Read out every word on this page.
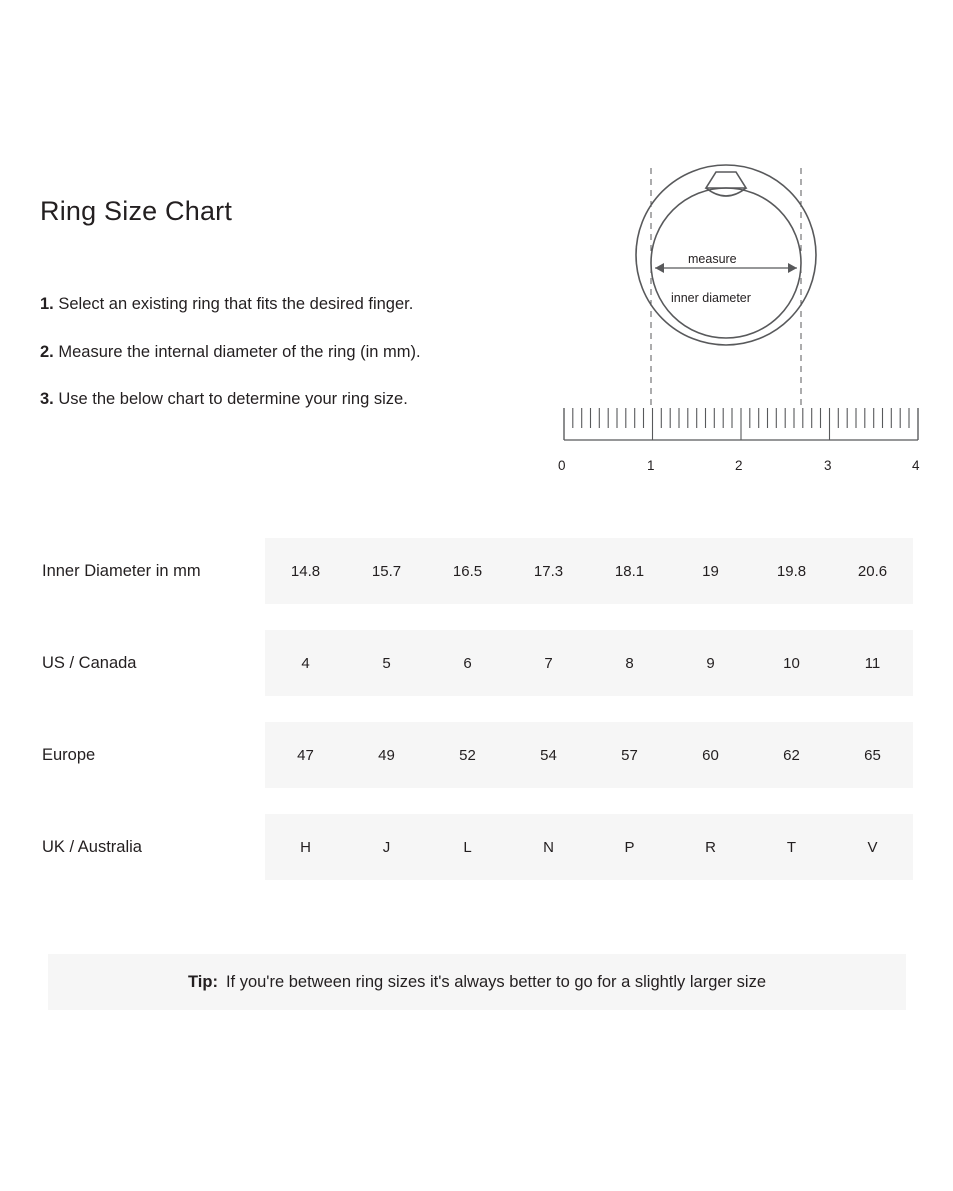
Ring Size Chart
1. Select an existing ring that fits the desired finger.
2. Measure the internal diameter of the ring (in mm).
3. Use the below chart to determine your ring size.
measure
inner diameter
0	1	2	3	4
Inner Diameter in mm	14.8	15.7	16.5	17.3	18.1	19	19.8	20.6
US / Canada	4	5	6	7	8	9	10	11
Europe	47	49	52	54	57	60	62	65
UK / Australia	H	J	L	N	P	R	T	V
Tip: If you're between ring sizes it's always better to go for a slightly larger size
